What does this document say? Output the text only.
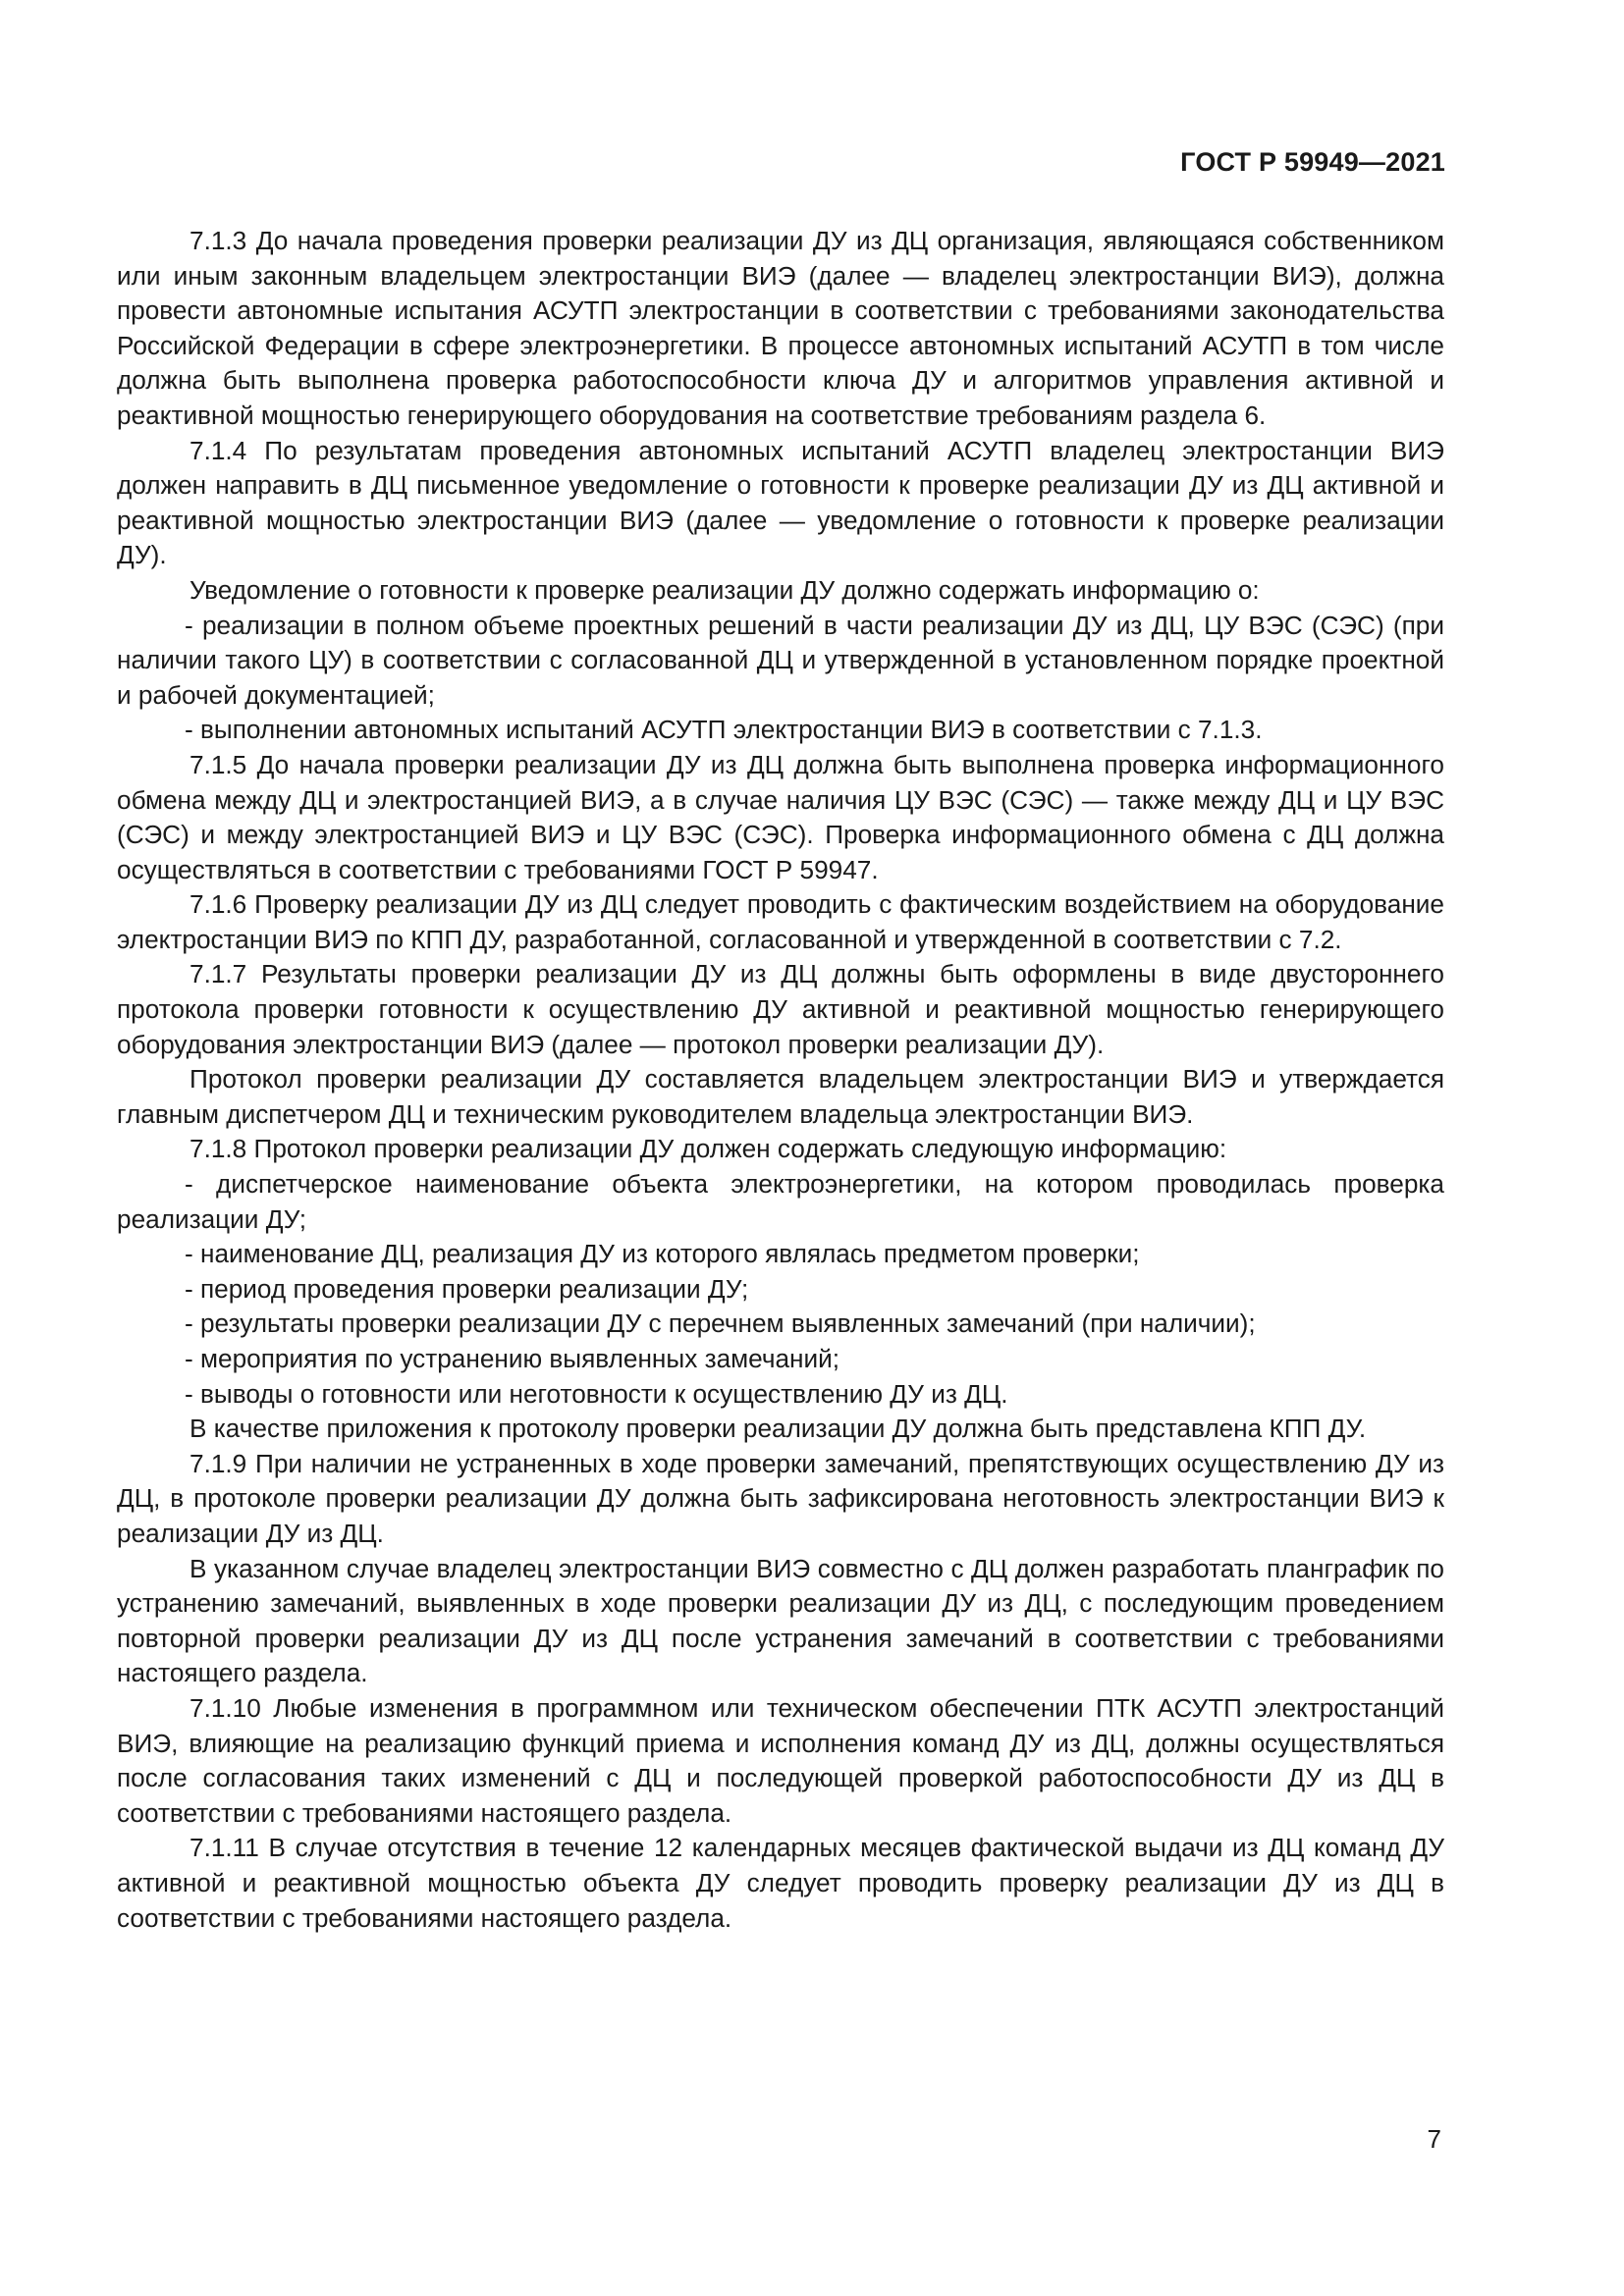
ГОСТ Р 59949—2021

7.1.3 До начала проведения проверки реализации ДУ из ДЦ организация, являющаяся собственником или иным законным владельцем электростанции ВИЭ (далее — владелец электростанции ВИЭ), должна провести автономные испытания АСУТП электростанции в соответствии с требованиями законодательства Российской Федерации в сфере электроэнергетики. В процессе автономных испытаний АСУТП в том числе должна быть выполнена проверка работоспособности ключа ДУ и алгоритмов управления активной и реактивной мощностью генерирующего оборудования на соответствие требованиям раздела 6.

7.1.4 По результатам проведения автономных испытаний АСУТП владелец электростанции ВИЭ должен направить в ДЦ письменное уведомление о готовности к проверке реализации ДУ из ДЦ активной и реактивной мощностью электростанции ВИЭ (далее — уведомление о готовности к проверке реализации ДУ).

Уведомление о готовности к проверке реализации ДУ должно содержать информацию о:

- реализации в полном объеме проектных решений в части реализации ДУ из ДЦ, ЦУ ВЭС (СЭС) (при наличии такого ЦУ) в соответствии с согласованной ДЦ и утвержденной в установленном порядке проектной и рабочей документацией;

- выполнении автономных испытаний АСУТП электростанции ВИЭ в соответствии с 7.1.3.

7.1.5 До начала проверки реализации ДУ из ДЦ должна быть выполнена проверка информационного обмена между ДЦ и электростанцией ВИЭ, а в случае наличия ЦУ ВЭС (СЭС) — также между ДЦ и ЦУ ВЭС (СЭС) и между электростанцией ВИЭ и ЦУ ВЭС (СЭС). Проверка информационного обмена с ДЦ должна осуществляться в соответствии с требованиями ГОСТ Р 59947.

7.1.6 Проверку реализации ДУ из ДЦ следует проводить с фактическим воздействием на оборудование электростанции ВИЭ по КПП ДУ, разработанной, согласованной и утвержденной в соответствии с 7.2.

7.1.7 Результаты проверки реализации ДУ из ДЦ должны быть оформлены в виде двустороннего протокола проверки готовности к осуществлению ДУ активной и реактивной мощностью генерирующего оборудования электростанции ВИЭ (далее — протокол проверки реализации ДУ).

Протокол проверки реализации ДУ составляется владельцем электростанции ВИЭ и утверждается главным диспетчером ДЦ и техническим руководителем владельца электростанции ВИЭ.

7.1.8 Протокол проверки реализации ДУ должен содержать следующую информацию:

- диспетчерское наименование объекта электроэнергетики, на котором проводилась проверка реализации ДУ;

- наименование ДЦ, реализация ДУ из которого являлась предметом проверки;

- период проведения проверки реализации ДУ;

- результаты проверки реализации ДУ с перечнем выявленных замечаний (при наличии);

- мероприятия по устранению выявленных замечаний;

- выводы о готовности или неготовности к осуществлению ДУ из ДЦ.

В качестве приложения к протоколу проверки реализации ДУ должна быть представлена КПП ДУ.

7.1.9 При наличии не устраненных в ходе проверки замечаний, препятствующих осуществлению ДУ из ДЦ, в протоколе проверки реализации ДУ должна быть зафиксирована неготовность электростанции ВИЭ к реализации ДУ из ДЦ.

В указанном случае владелец электростанции ВИЭ совместно с ДЦ должен разработать планграфик по устранению замечаний, выявленных в ходе проверки реализации ДУ из ДЦ, с последующим проведением повторной проверки реализации ДУ из ДЦ после устранения замечаний в соответствии с требованиями настоящего раздела.

7.1.10 Любые изменения в программном или техническом обеспечении ПТК АСУТП электростанций ВИЭ, влияющие на реализацию функций приема и исполнения команд ДУ из ДЦ, должны осуществляться после согласования таких изменений с ДЦ и последующей проверкой работоспособности ДУ из ДЦ в соответствии с требованиями настоящего раздела.

7.1.11 В случае отсутствия в течение 12 календарных месяцев фактической выдачи из ДЦ команд ДУ активной и реактивной мощностью объекта ДУ следует проводить проверку реализации ДУ из ДЦ в соответствии с требованиями настоящего раздела.

7
